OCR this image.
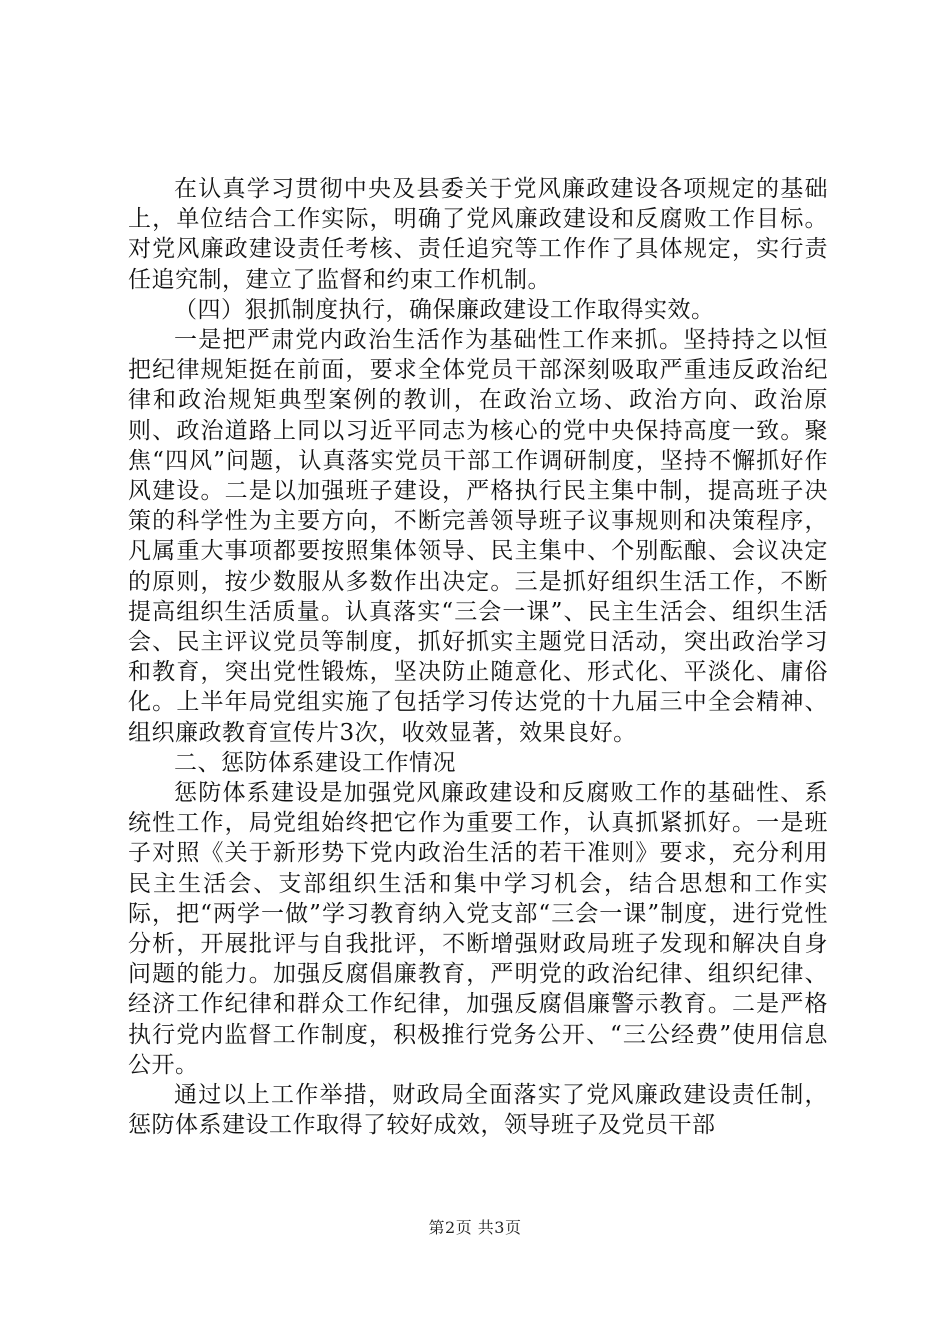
在认真学习贯彻中央及县委关于党风廉政建设各项规定的基础上，单位结合工作实际，明确了党风廉政建设和反腐败工作目标。对党风廉政建设责任考核、责任追究等工作作了具体规定，实行责任追究制，建立了监督和约束工作机制。

（四）狠抓制度执行，确保廉政建设工作取得实效。

一是把严肃党内政治生活作为基础性工作来抓。坚持持之以恒把纪律规矩挺在前面，要求全体党员干部深刻吸取严重违反政治纪律和政治规矩典型案例的教训，在政治立场、政治方向、政治原则、政治道路上同以习近平同志为核心的党中央保持高度一致。聚焦“四风”问题，认真落实党员干部工作调研制度，坚持不懈抓好作风建设。二是以加强班子建设，严格执行民主集中制，提高班子决策的科学性为主要方向，不断完善领导班子议事规则和决策程序，凡属重大事项都要按照集体领导、民主集中、个别酝酿、会议决定的原则，按少数服从多数作出决定。三是抓好组织生活工作，不断提高组织生活质量。认真落实“三会一课”、民主生活会、组织生活会、民主评议党员等制度，抓好抓实主题党日活动，突出政治学习和教育，突出党性锻炼，坚决防止随意化、形式化、平淡化、庸俗化。上半年局党组实施了包括学习传达党的十九届三中全会精神、组织廉政教育宣传片3次，收效显著，效果良好。

二、惩防体系建设工作情况

惩防体系建设是加强党风廉政建设和反腐败工作的基础性、系统性工作，局党组始终把它作为重要工作，认真抓紧抓好。一是班子对照《关于新形势下党内政治生活的若干准则》要求，充分利用民主生活会、支部组织生活和集中学习机会，结合思想和工作实际，把“两学一做”学习教育纳入党支部“三会一课”制度，进行党性分析，开展批评与自我批评，不断增强财政局班子发现和解决自身问题的能力。加强反腐倡廉教育，严明党的政治纪律、组织纪律、经济工作纪律和群众工作纪律，加强反腐倡廉警示教育。二是严格执行党内监督工作制度，积极推行党务公开、“三公经费”使用信息公开。

通过以上工作举措，财政局全面落实了党风廉政建设责任制，惩防体系建设工作取得了较好成效，领导班子及党员干部

第2页 共3页
